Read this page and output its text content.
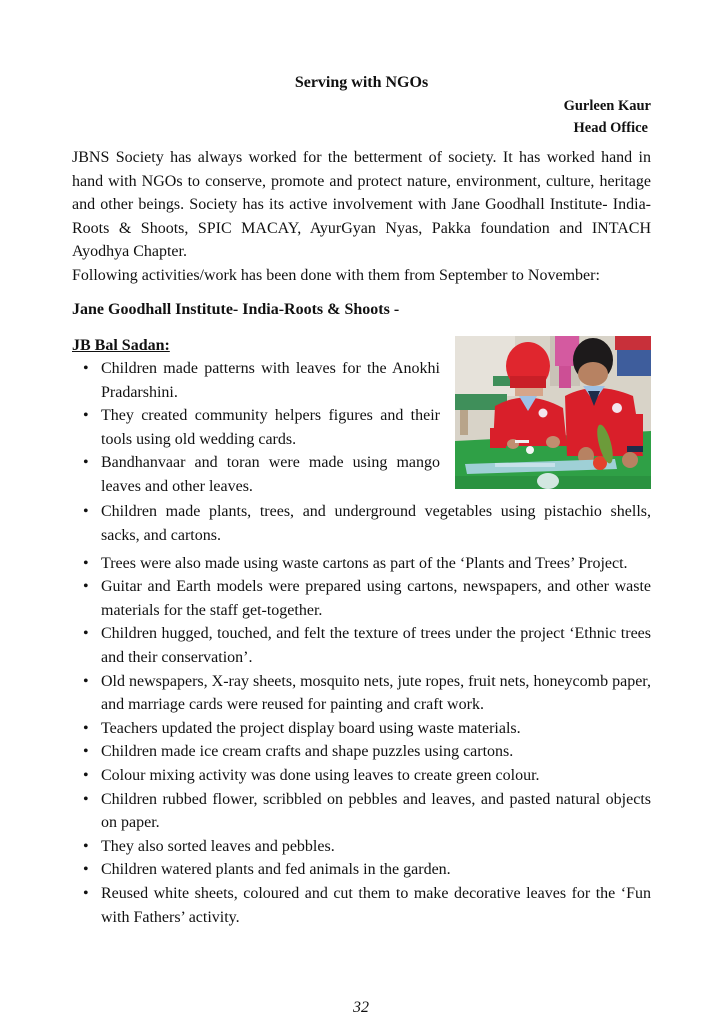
Serving with NGOs
Gurleen Kaur
Head Office

JBNS Society has always worked for the betterment of society. It has worked hand in hand with NGOs to conserve, promote and protect nature, environment, culture, heritage and other beings. Society has its active involvement with Jane Goodhall Institute- India-Roots & Shoots, SPIC MACAY, AyurGyan Nyas, Pakka foundation and INTACH Ayodhya Chapter.

Following activities/work has been done with them from September to November:

Jane Goodhall Institute- India-Roots & Shoots -
JB Bal Sadan:
• Children made patterns with leaves for the Anokhi Pradarshini.
• They created community helpers figures and their tools using old wedding cards.
• Bandhanvaar and toran were made using mango leaves and other leaves.
• Children made plants, trees, and underground vegetables using pistachio shells, sacks, and cartons.
• Trees were also made using waste cartons as part of the ‘Plants and Trees’ Project.
• Guitar and Earth models were prepared using cartons, newspapers, and other waste materials for the staff get-together.
• Children hugged, touched, and felt the texture of trees under the project ‘Ethnic trees and their conservation’.
• Old newspapers, X-ray sheets, mosquito nets, jute ropes, fruit nets, honeycomb paper, and marriage cards were reused for painting and craft work.
• Teachers updated the project display board using waste materials.
• Children made ice cream crafts and shape puzzles using cartons.
• Colour mixing activity was done using leaves to create green colour.
• Children rubbed flower, scribbled on pebbles and leaves, and pasted natural objects on paper.
• They also sorted leaves and pebbles.
• Children watered plants and fed animals in the garden.
• Reused white sheets, coloured and cut them to make decorative leaves for the ‘Fun with Fathers’ activity.
32
